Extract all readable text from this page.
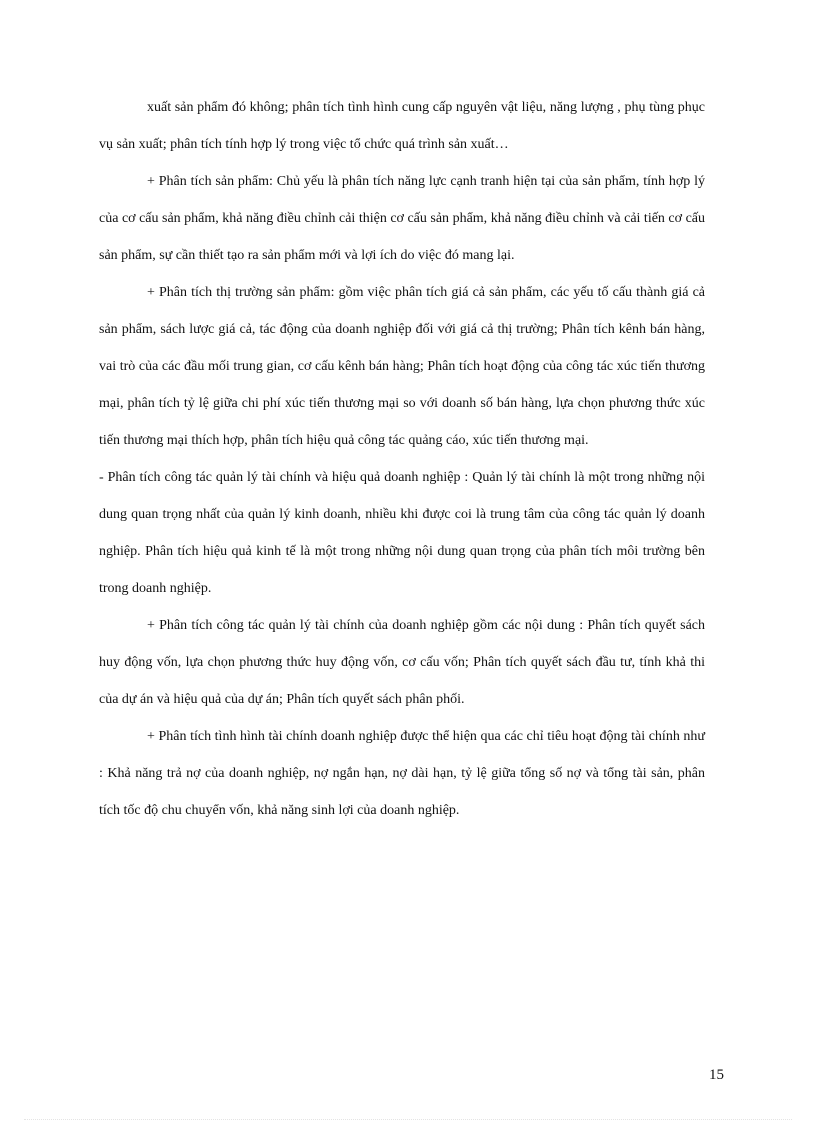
xuất sản phẩm đó không; phân tích tình hình cung cấp nguyên vật liệu, năng lượng , phụ tùng phục vụ sản xuất; phân tích tính hợp lý trong việc tổ chức quá trình sản xuất…

+ Phân tích sản phẩm: Chủ yếu là phân tích năng lực cạnh tranh hiện tại của sản phẩm, tính hợp lý của cơ cấu sản phẩm, khả năng điều chỉnh cải thiện cơ cấu sản phẩm, khả năng điều chỉnh và cải tiến cơ cấu sản phẩm, sự cần thiết tạo ra sản phẩm mới và lợi ích do việc đó mang lại.

+ Phân tích thị trường sản phẩm: gồm việc phân tích giá cả sản phẩm, các yếu tố cấu thành giá cả sản phẩm, sách lược giá cả, tác động của doanh nghiệp đối với giá cả thị trường; Phân tích kênh bán hàng, vai trò của các đầu mối trung gian, cơ cấu kênh bán hàng; Phân tích hoạt động của công tác xúc tiến thương mại, phân tích tỷ lệ giữa chi phí xúc tiến thương mại so với doanh số bán hàng, lựa chọn phương thức xúc tiến thương mại thích hợp, phân tích hiệu quả công tác quảng cáo, xúc tiến thương mại.

- Phân tích công tác quản lý tài chính và hiệu quả doanh nghiệp : Quản lý tài chính là một trong những nội dung quan trọng nhất của quản lý kinh doanh, nhiều khi được coi là trung tâm của công tác quản lý doanh nghiệp. Phân tích hiệu quả kinh tế là một trong những nội dung quan trọng của phân tích môi trường bên trong doanh nghiệp.

+ Phân tích công tác quản lý tài chính của doanh nghiệp gồm các nội dung : Phân tích quyết sách huy động vốn, lựa chọn phương thức huy động vốn, cơ cấu vốn; Phân tích quyết sách đầu tư, tính khả thi của dự án và hiệu quả của dự án; Phân tích quyết sách phân phối.

+ Phân tích tình hình tài chính doanh nghiệp được thể hiện qua các chỉ tiêu hoạt động tài chính như : Khả năng trả nợ của doanh nghiệp, nợ ngắn hạn, nợ dài hạn, tỷ lệ giữa tổng số nợ và tổng tài sản, phân tích tốc độ chu chuyển vốn, khả năng sinh lợi của doanh nghiệp.

15
